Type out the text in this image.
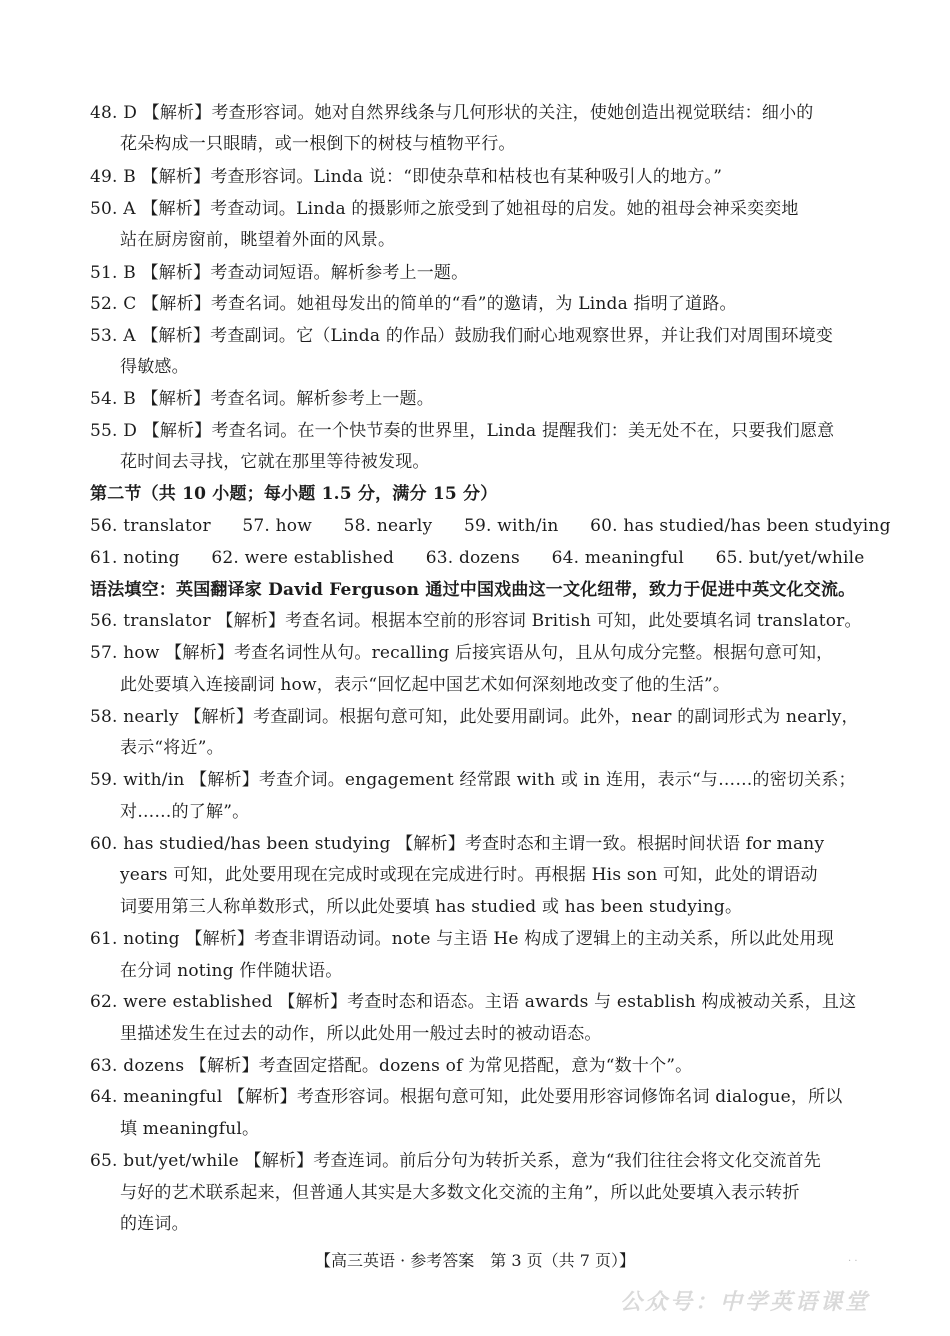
48. D 【解析】考查形容词。她对自然界线条与几何形状的关注，使她创造出视觉联结：细小的
花朵构成一只眼睛，或一根倒下的树枝与植物平行。
49. B 【解析】考查形容词。Linda 说：“即使杂草和枯枝也有某种吸引人的地方。”
50. A 【解析】考查动词。Linda 的摄影师之旅受到了她祖母的启发。她的祖母会神采奕奕地
站在厨房窗前，眺望着外面的风景。
51. B 【解析】考查动词短语。解析参考上一题。
52. C 【解析】考查名词。她祖母发出的简单的“看”的邀请，为 Linda 指明了道路。
53. A 【解析】考查副词。它（Linda 的作品）鼓励我们耐心地观察世界，并让我们对周围环境变
得敏感。
54. B 【解析】考查名词。解析参考上一题。
55. D 【解析】考查名词。在一个快节奏的世界里，Linda 提醒我们：美无处不在，只要我们愿意
花时间去寻找，它就在那里等待被发现。
第二节（共 10 小题；每小题 1.5 分，满分 15 分）
56. translator 57. how 58. nearly 59. with/in 60. has studied/has been studying
61. noting 62. were established 63. dozens 64. meaningful 65. but/yet/while
语法填空：英国翻译家 David Ferguson 通过中国戏曲这一文化纽带，致力于促进中英文化交流。
56. translator 【解析】考查名词。根据本空前的形容词 British 可知，此处要填名词 translator。
57. how 【解析】考查名词性从句。recalling 后接宾语从句，且从句成分完整。根据句意可知，
此处要填入连接副词 how，表示“回忆起中国艺术如何深刻地改变了他的生活”。
58. nearly 【解析】考查副词。根据句意可知，此处要用副词。此外，near 的副词形式为 nearly，
表示“将近”。
59. with/in 【解析】考查介词。engagement 经常跟 with 或 in 连用，表示“与……的密切关系；
对……的了解”。
60. has studied/has been studying 【解析】考查时态和主谓一致。根据时间状语 for many
years 可知，此处要用现在完成时或现在完成进行时。再根据 His son 可知，此处的谓语动
词要用第三人称单数形式，所以此处要填 has studied 或 has been studying。
61. noting 【解析】考查非谓语动词。note 与主语 He 构成了逻辑上的主动关系，所以此处用现
在分词 noting 作伴随状语。
62. were established 【解析】考查时态和语态。主语 awards 与 establish 构成被动关系，且这
里描述发生在过去的动作，所以此处用一般过去时的被动语态。
63. dozens 【解析】考查固定搭配。dozens of 为常见搭配，意为“数十个”。
64. meaningful 【解析】考查形容词。根据句意可知，此处要用形容词修饰名词 dialogue，所以
填 meaningful。
65. but/yet/while 【解析】考查连词。前后分句为转折关系，意为“我们往往会将文化交流首先
与好的艺术联系起来，但普通人其实是大多数文化交流的主角”，所以此处要填入表示转折
的连词。
【高三英语 · 参考答案　第 3 页（共 7 页）】	· ·
公众号：中学英语课堂
